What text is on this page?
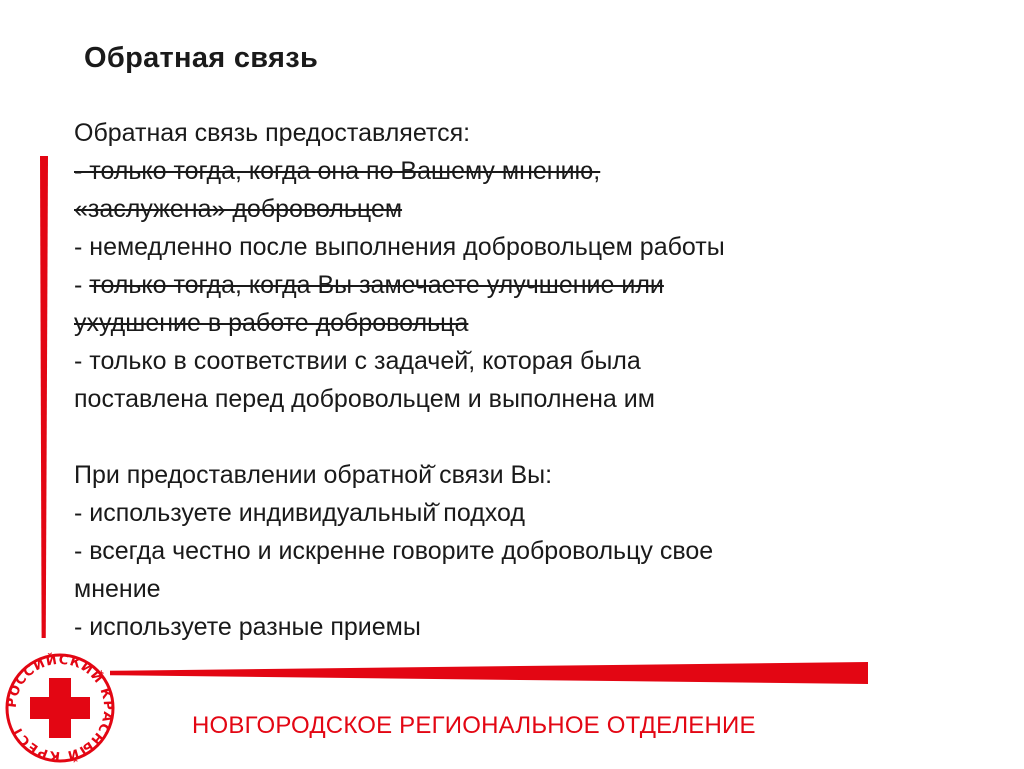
Обратная связь
Обратная связь предоставляется:
- только тогда, когда она по Вашему мнению,
«заслужена» добровольцем
- немедленно после выполнения добровольцем работы
- только тогда, когда Вы замечаете улучшение или
ухудшение в работе добровольца
- только в соответствии с задачей̆, которая была
поставлена перед добровольцем и выполнена им
При предоставлении обратной̆ связи Вы:
- используете индивидуальный̆ подход
- всегда честно и искренне говорите добровольцу свое
мнение
- используете разные приемы
НОВГОРОДСКОЕ РЕГИОНАЛЬНОЕ ОТДЕЛЕНИЕ
РОССИЙСКИЙ КРАСНЫЙ КРЕСТ
